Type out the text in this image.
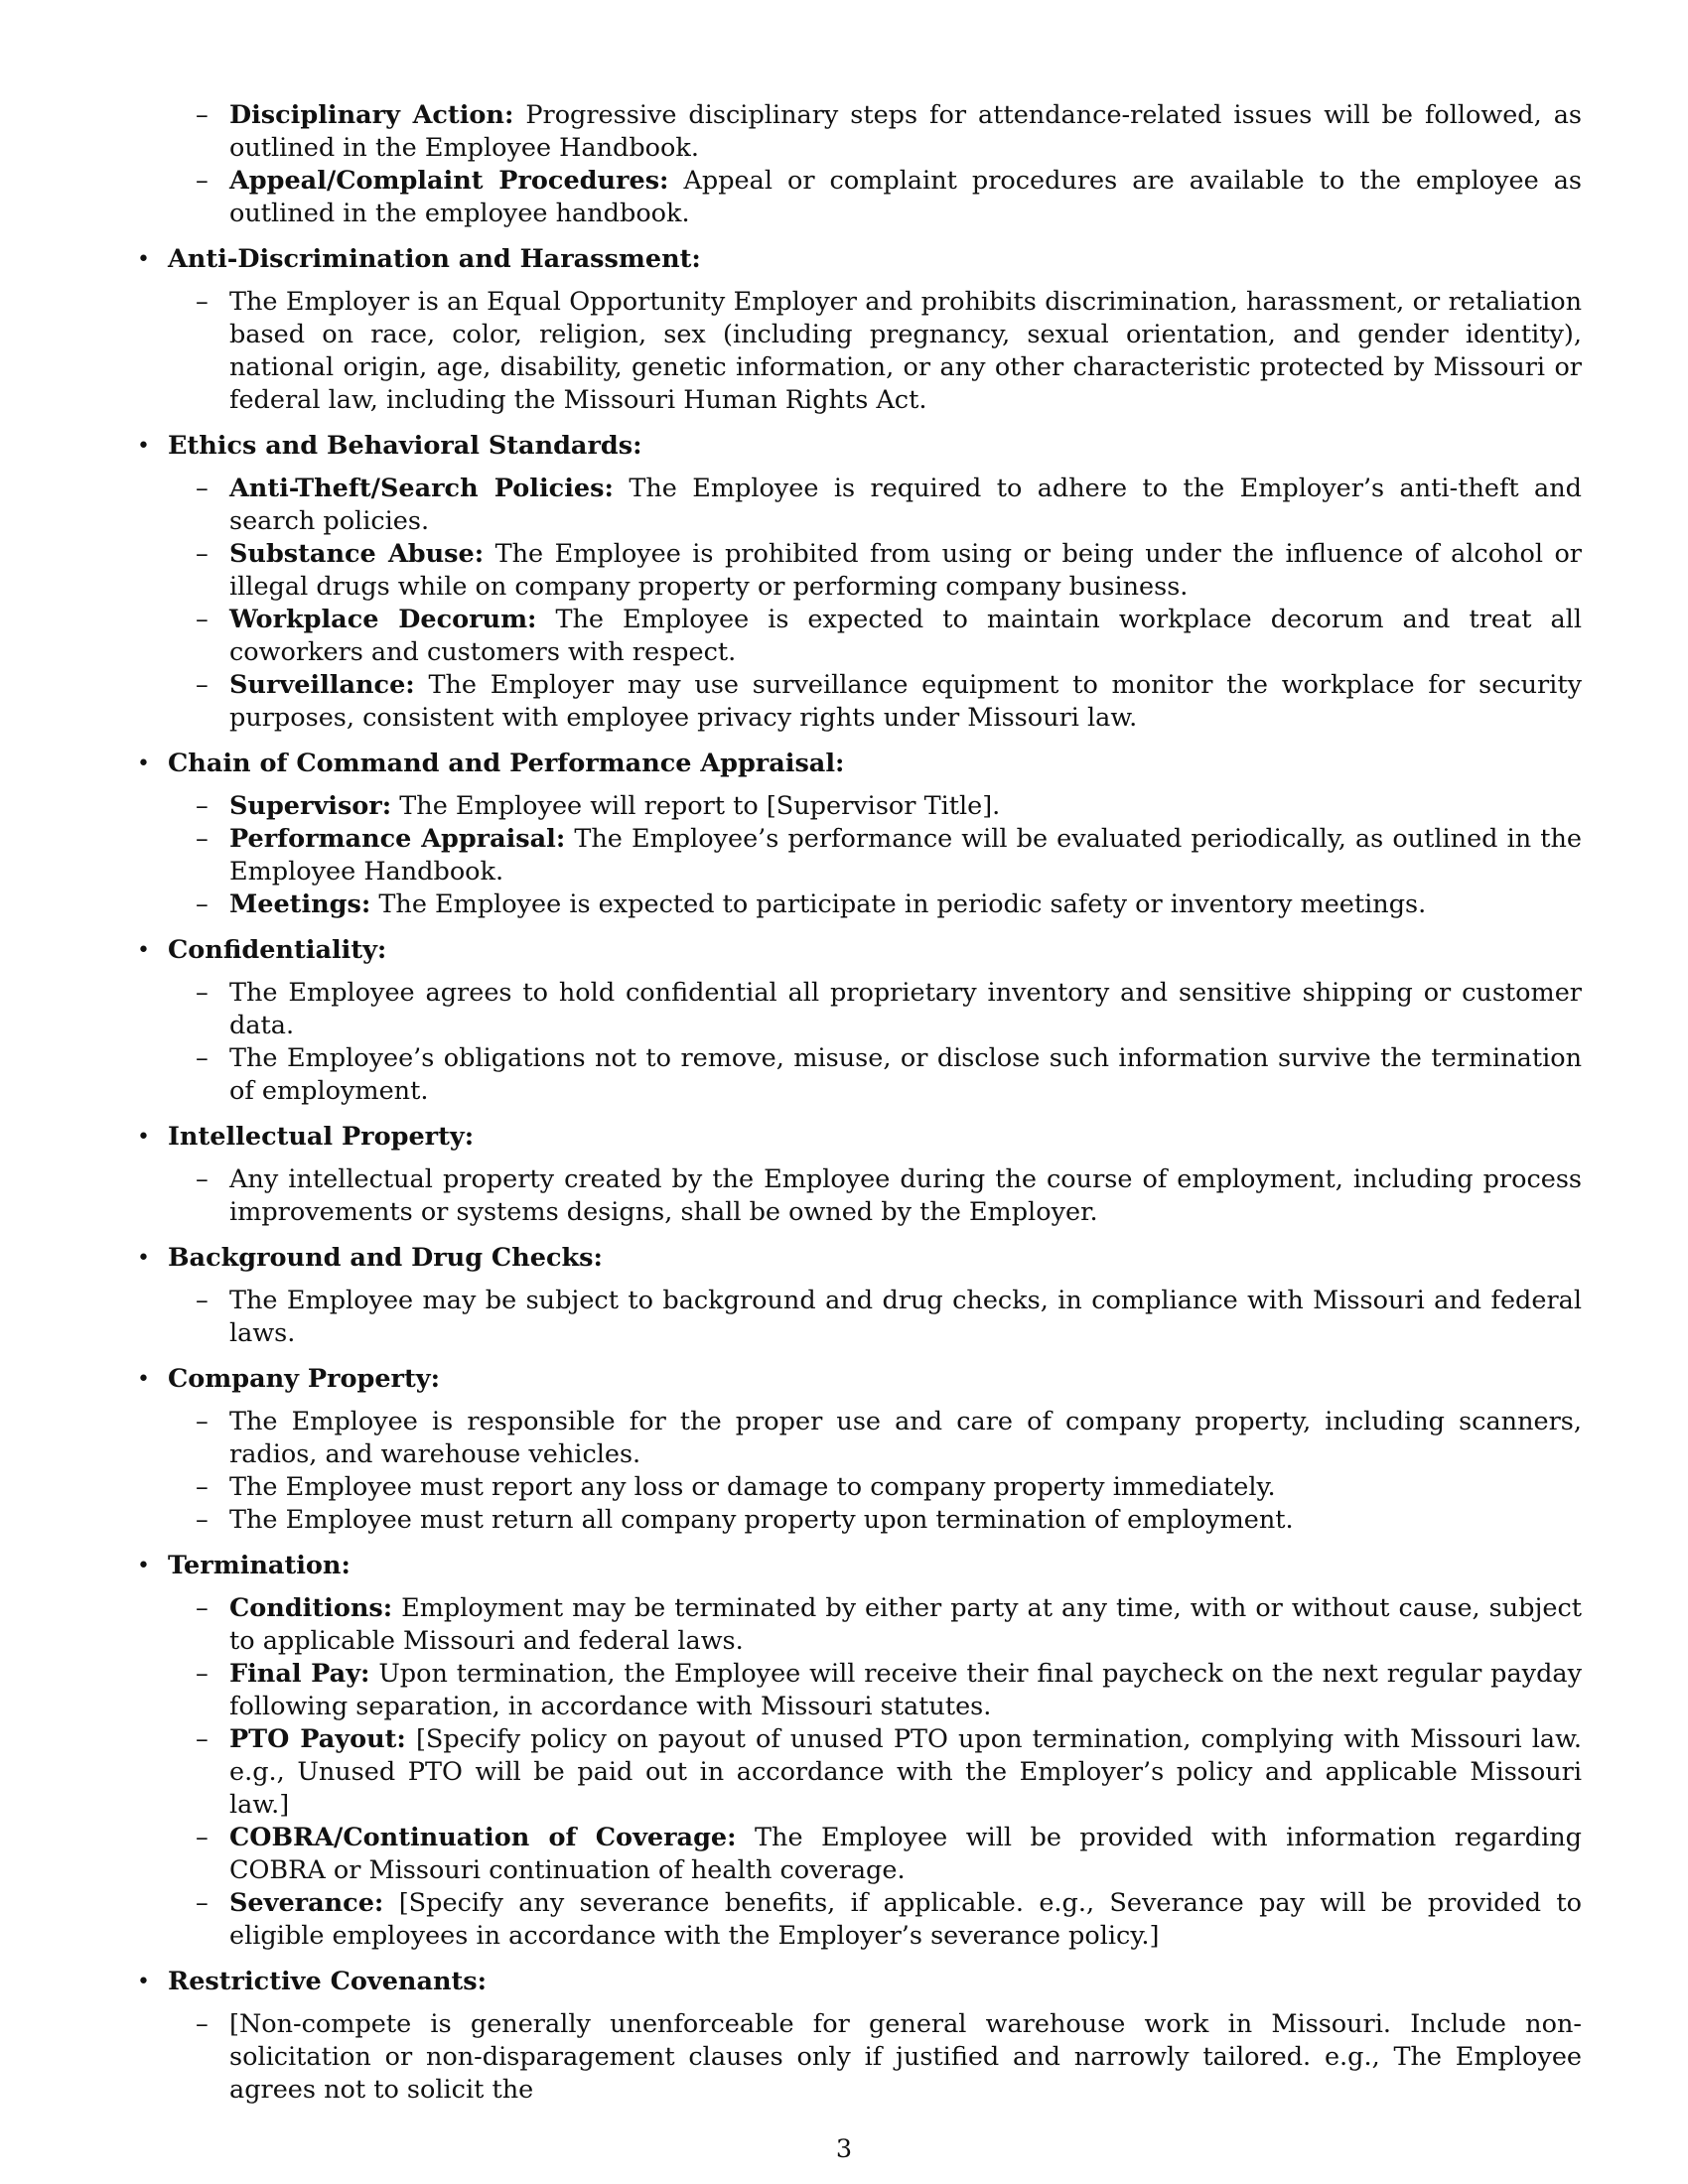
– Disciplinary Action: Progressive disciplinary steps for attendance-related issues will be followed, as outlined in the Employee Handbook.
– Appeal/Complaint Procedures: Appeal or complaint procedures are available to the employee as outlined in the employee handbook.
• Anti-Discrimination and Harassment:
– The Employer is an Equal Opportunity Employer and prohibits discrimination, harassment, or retaliation based on race, color, religion, sex (including pregnancy, sexual orientation, and gender identity), national origin, age, disability, genetic information, or any other characteristic protected by Missouri or federal law, including the Missouri Human Rights Act.
• Ethics and Behavioral Standards:
– Anti-Theft/Search Policies: The Employee is required to adhere to the Employer’s anti-theft and search policies.
– Substance Abuse: The Employee is prohibited from using or being under the influence of alcohol or illegal drugs while on company property or performing company business.
– Workplace Decorum: The Employee is expected to maintain workplace decorum and treat all coworkers and customers with respect.
– Surveillance: The Employer may use surveillance equipment to monitor the workplace for security purposes, consistent with employee privacy rights under Missouri law.
• Chain of Command and Performance Appraisal:
– Supervisor: The Employee will report to [Supervisor Title].
– Performance Appraisal: The Employee’s performance will be evaluated periodically, as outlined in the Employee Handbook.
– Meetings: The Employee is expected to participate in periodic safety or inventory meetings.
• Confidentiality:
– The Employee agrees to hold confidential all proprietary inventory and sensitive shipping or customer data.
– The Employee’s obligations not to remove, misuse, or disclose such information survive the termination of employment.
• Intellectual Property:
– Any intellectual property created by the Employee during the course of employment, including process improvements or systems designs, shall be owned by the Employer.
• Background and Drug Checks:
– The Employee may be subject to background and drug checks, in compliance with Missouri and federal laws.
• Company Property:
– The Employee is responsible for the proper use and care of company property, including scanners, radios, and warehouse vehicles.
– The Employee must report any loss or damage to company property immediately.
– The Employee must return all company property upon termination of employment.
• Termination:
– Conditions: Employment may be terminated by either party at any time, with or without cause, subject to applicable Missouri and federal laws.
– Final Pay: Upon termination, the Employee will receive their final paycheck on the next regular payday following separation, in accordance with Missouri statutes.
– PTO Payout: [Specify policy on payout of unused PTO upon termination, complying with Missouri law. e.g., Unused PTO will be paid out in accordance with the Employer’s policy and applicable Missouri law.]
– COBRA/Continuation of Coverage: The Employee will be provided with information regarding COBRA or Missouri continuation of health coverage.
– Severance: [Specify any severance benefits, if applicable. e.g., Severance pay will be provided to eligible employees in accordance with the Employer’s severance policy.]
• Restrictive Covenants:
– [Non-compete is generally unenforceable for general warehouse work in Missouri. Include non-solicitation or non-disparagement clauses only if justified and narrowly tailored. e.g., The Employee agrees not to solicit the
3
